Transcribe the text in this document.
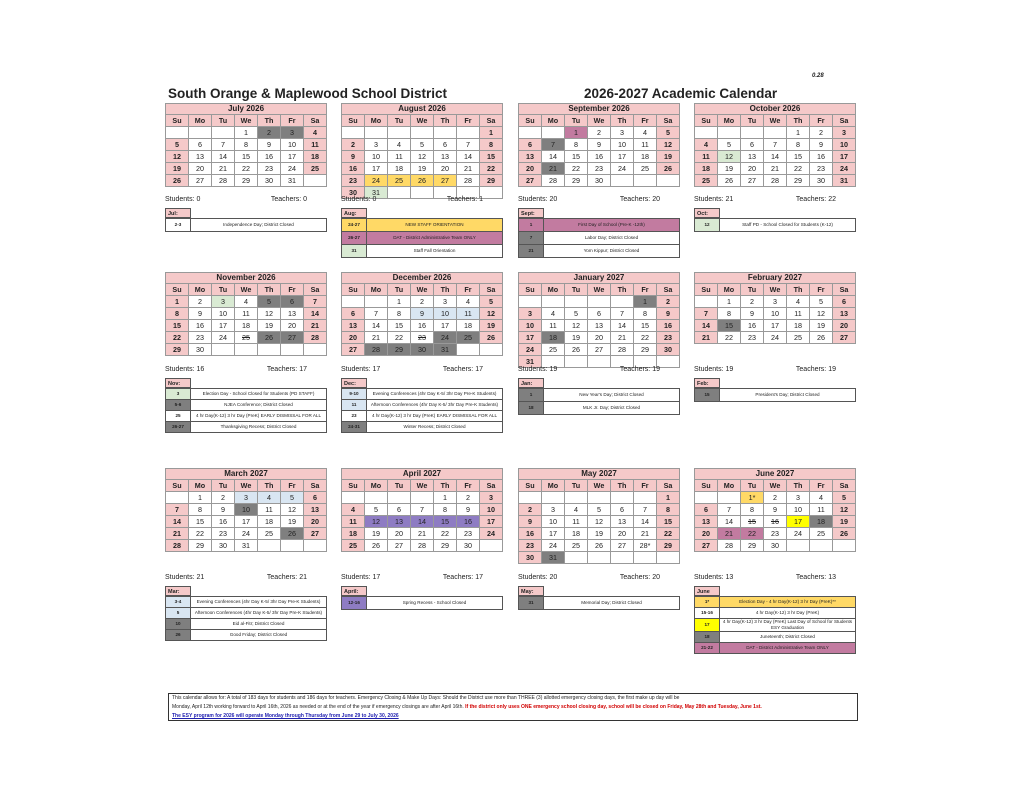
0.28
South Orange & Maplewood School District	2026-2027 Academic Calendar
July 2026
Su	Mo	Tu	We	Th	Fr	Sa
			1	2	3	4
5	6	7	8	9	10	11
12	13	14	15	16	17	18
19	20	21	22	23	24	25
26	27	28	29	30	31	
Students: 0	Teachers: 0
Jul:
2-3	Independence Day; District Closed
August 2026
Su	Mo	Tu	We	Th	Fr	Sa
						1
2	3	4	5	6	7	8
9	10	11	12	13	14	15
16	17	18	19	20	21	22
23	24	25	26	27	28	29
30	31					
Students: 0	Teachers: 1
Aug:
24-27	NEW STAFF ORIENTATION
26-27	DAT - District Administrative Team ONLY
31	Staff Fall Orientation
September 2026
Su	Mo	Tu	We	Th	Fr	Sa
		1	2	3	4	5
6	7	8	9	10	11	12
13	14	15	16	17	18	19
20	21	22	23	24	25	26
27	28	29	30			
Students: 20	Teachers: 20
Sept:
1	First Day of School (Pre-K -12th)
7	Labor Day; District Closed
21	Yom Kippur; District Closed
October 2026
Su	Mo	Tu	We	Th	Fr	Sa
				1	2	3
4	5	6	7	8	9	10
11	12	13	14	15	16	17
18	19	20	21	22	23	24
25	26	27	28	29	30	31
Students: 21	Teachers: 22
Oct:
12	Staff PD - School Closed for Students (K-12)
November 2026
Su	Mo	Tu	We	Th	Fr	Sa
1	2	3	4	5	6	7
8	9	10	11	12	13	14
15	16	17	18	19	20	21
22	23	24	25	26	27	28
29	30					
Students: 16	Teachers: 17
Nov:
3	Election Day - School Closed for Students (PD STAFF)
5-6	NJEA Conference; District Closed
25	4 hr Day(K-12) 3 hr Day (PreK) EARLY DISMISSAL FOR ALL
26-27	Thanksgiving Recess; District Closed
December 2026
Su	Mo	Tu	We	Th	Fr	Sa
		1	2	3	4	5
6	7	8	9	10	11	12
13	14	15	16	17	18	19
20	21	22	23	24	25	26
27	28	29	30	31		
Students: 17	Teachers: 17
Dec:
9-10	Evening Conferences (4hr Day K-5/ 3hr Day Pre-K Students)
11	Afternoon Conferences (4hr Day K-5/ 3hr Day Pre-K Students)
23	4 hr Day(K-12) 3 hr Day (PreK) EARLY DISMISSAL FOR ALL
24-31	Winter Recess; District Closed
January 2027
Su	Mo	Tu	We	Th	Fr	Sa
					1	2
3	4	5	6	7	8	9
10	11	12	13	14	15	16
17	18	19	20	21	22	23
24	25	26	27	28	29	30
31						
Students: 19	Teachers: 19
Jan:
1	New Year's Day; District Closed
18	MLK Jr. Day; District Closed
February 2027
Su	Mo	Tu	We	Th	Fr	Sa
	1	2	3	4	5	6
7	8	9	10	11	12	13
14	15	16	17	18	19	20
21	22	23	24	25	26	27
Students: 19	Teachers: 19
Feb:
15	President's Day; District Closed
March 2027
Su	Mo	Tu	We	Th	Fr	Sa
	1	2	3	4	5	6
7	8	9	10	11	12	13
14	15	16	17	18	19	20
21	22	23	24	25	26	27
28	29	30	31			
Students: 21	Teachers: 21
Mar:
3-4	Evening Conferences (4hr Day K-5/ 3hr Day Pre-K Students)
5	Afternoon Conferences (4hr Day K-5/ 3hr Day Pre-K Students)
10	Eid al-Fitr; District Closed
26	Good Friday; District Closed
April 2027
Su	Mo	Tu	We	Th	Fr	Sa
				1	2	3
4	5	6	7	8	9	10
11	12	13	14	15	16	17
18	19	20	21	22	23	24
25	26	27	28	29	30	
Students: 17	Teachers: 17
April:
12-16	Spring Recess - School Closed
May 2027
Su	Mo	Tu	We	Th	Fr	Sa
						1
2	3	4	5	6	7	8
9	10	11	12	13	14	15
16	17	18	19	20	21	22
23	24	25	26	27	28*	29
30	31					
Students: 20	Teachers: 20
May:
31	Memorial Day; District Closed
June 2027
Su	Mo	Tu	We	Th	Fr	Sa
		1*	2	3	4	5
6	7	8	9	10	11	12
13	14	15	16	17	18	19
20	21	22	23	24	25	26
27	28	29	30			
Students: 13	Teachers: 13
June
1*	Election Day - 4 hr Day(K-12) 3 hr Day (PreK)**
15-16	4 hr Day(K-12) 3 hr Day (PreK)
17	4 hr Day(K-12) 3 hr Day (PreK) Last Day of School for Students ESY Graduation
18	Juneteenth; District Closed
21-22	DAT - District Administrative Team ONLY
This calendar allows for: A total of 183 days for students and 186 days for teachers. Emergency Closing & Make Up Days: Should the District use more than THREE (3) allotted emergency closing days, the first make up day will be
Monday, April 12th working forward to April 16th, 2026 as needed or at the end of the year if emergency closings are after April 16th. If the district only uses ONE emergency school closing day, school will be closed on Friday, May 28th and Tuesday, June 1st.
The ESY program for 2026 will operate Monday through Thursday from June 29 to July 30, 2026
